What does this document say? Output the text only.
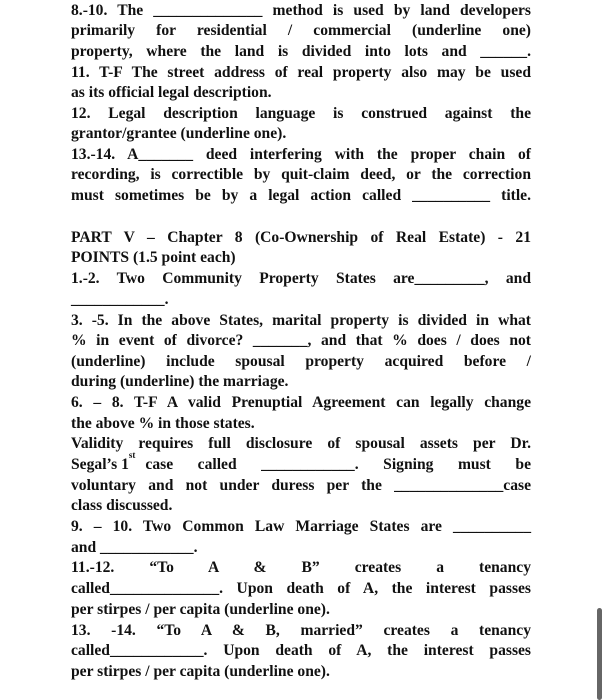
8.-10. The ______________ method is used by land developers
primarily for residential / commercial (underline one)
property, where the land is divided into lots and ______.
11. T-F The street address of real property also may be used
as its official legal description.
12. Legal description language is construed against the
grantor/grantee (underline one).
13.-14. A_______ deed interfering with the proper chain of
recording, is correctible by quit-claim deed, or the correction
must sometimes be by a legal action called __________ title.
PART V – Chapter 8 (Co-Ownership of Real Estate) - 21
POINTS (1.5 point each)
1.-2. Two Community Property States are_________, and
____________.
3. -5. In the above States, marital property is divided in what
% in event of divorce? _______, and that % does / does not
(underline) include spousal property acquired before /
during (underline) the marriage.
6. – 8. T-F A valid Prenuptial Agreement can legally change
the above % in those states.
Validity requires full disclosure of spousal assets per Dr.
Segal’s 1
st
case called ____________. Signing must be
voluntary and not under duress per the ______________case
class discussed.
9. – 10. Two Common Law Marriage States are __________
and ____________.
11.-12. “To A & B” creates a tenancy
called______________. Upon death of A, the interest passes
per stirpes / per capita (underline one).
13. -14. “To A & B, married” creates a tenancy
called____________. Upon death of A, the interest passes
per stirpes / per capita (underline one).
